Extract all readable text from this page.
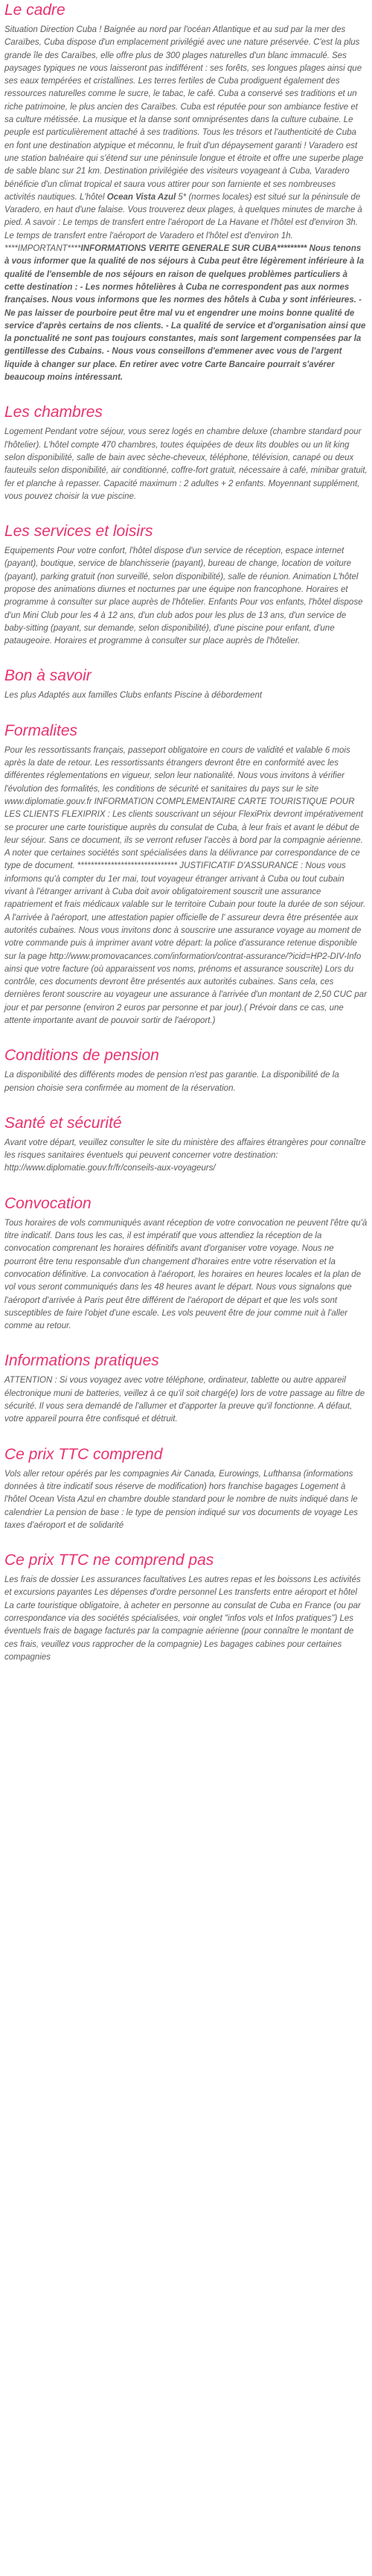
Le cadre
Situation Direction Cuba ! Baignée au nord par l'océan Atlantique et au sud par la mer des Caraïbes, Cuba dispose d'un emplacement privilégié avec une nature préservée. C'est la plus grande île des Caraïbes, elle offre plus de 300 plages naturelles d'un blanc immaculé. Ses paysages typiques ne vous laisseront pas indifférent : ses forêts, ses longues plages ainsi que ses eaux tempérées et cristallines. Les terres fertiles de Cuba prodiguent également des ressources naturelles comme le sucre, le tabac, le café. Cuba a conservé ses traditions et un riche patrimoine, le plus ancien des Caraïbes. Cuba est réputée pour son ambiance festive et sa culture métissée. La musique et la danse sont omniprésentes dans la culture cubaine. Le peuple est particulièrement attaché à ses traditions. Tous les trésors et l'authenticité de Cuba en font une destination atypique et méconnu, le fruit d'un dépaysement garanti ! Varadero est une station balnéaire qui s'étend sur une péninsule longue et étroite et offre une superbe plage de sable blanc sur 21 km. Destination privilégiée des visiteurs voyageant à Cuba, Varadero bénéficie d'un climat tropical et saura vous attirer pour son farniente et ses nombreuses activités nautiques. L'hôtel Ocean Vista Azul 5* (normes locales) est situé sur la péninsule de Varadero, en haut d'une falaise. Vous trouverez deux plages, à quelques minutes de marche à pied. A savoir : Le temps de transfert entre l'aéroport de La Havane et l'hôtel est d'environ 3h. Le temps de transfert entre l'aéroport de Varadero et l'hôtel est d'environ 1h. ****IMPORTANT****INFORMATIONS VERITE GENERALE SUR CUBA********* Nous tenons à vous informer que la qualité de nos séjours à Cuba peut être légèrement inférieure à la qualité de l'ensemble de nos séjours en raison de quelques problèmes particuliers à cette destination : - Les normes hôtelières à Cuba ne correspondent pas aux normes françaises. Nous vous informons que les normes des hôtels à Cuba y sont inférieures. - Ne pas laisser de pourboire peut être mal vu et engendrer une moins bonne qualité de service d'après certains de nos clients. - La qualité de service et d'organisation ainsi que la ponctualité ne sont pas toujours constantes, mais sont largement compensées par la gentillesse des Cubains. - Nous vous conseillons d'emmener avec vous de l'argent liquide à changer sur place. En retirer avec votre Carte Bancaire pourrait s'avérer beaucoup moins intéressant.
Les chambres
Logement Pendant votre séjour, vous serez logés en chambre deluxe (chambre standard pour l'hôtelier). L'hôtel compte 470 chambres, toutes équipées de deux lits doubles ou un lit king selon disponibilité, salle de bain avec sèche-cheveux, téléphone, télévision, canapé ou deux fauteuils selon disponibilité, air conditionné, coffre-fort gratuit, nécessaire à café, minibar gratuit, fer et planche à repasser. Capacité maximum : 2 adultes + 2 enfants. Moyennant supplément, vous pouvez choisir la vue piscine.
Les services et loisirs
Equipements Pour votre confort, l'hôtel dispose d'un service de réception, espace internet (payant), boutique, service de blanchisserie (payant), bureau de change, location de voiture (payant), parking gratuit (non surveillé, selon disponibilité), salle de réunion. Animation L'hôtel propose des animations diurnes et nocturnes par une équipe non francophone. Horaires et programme à consulter sur place auprès de l'hôtelier. Enfants Pour vos enfants, l'hôtel dispose d'un Mini Club pour les 4 à 12 ans, d'un club ados pour les plus de 13 ans, d'un service de baby-sitting (payant, sur demande, selon disponibilité), d'une piscine pour enfant, d'une pataugeoire. Horaires et programme à consulter sur place auprès de l'hôtelier.
Bon à savoir
Les plus Adaptés aux familles Clubs enfants Piscine à débordement
Formalites
Pour les ressortissants français, passeport obligatoire en cours de validité et valable 6 mois après la date de retour. Les ressortissants étrangers devront être en conformité avec les différentes réglementations en vigueur, selon leur nationalité. Nous vous invitons à vérifier l'évolution des formalités, les conditions de sécurité et sanitaires du pays sur le site www.diplomatie.gouv.fr INFORMATION COMPLEMENTAIRE CARTE TOURISTIQUE POUR LES CLIENTS FLEXIPRIX : Les clients souscrivant un séjour FlexiPrix devront impérativement se procurer une carte touristique auprès du consulat de Cuba, à leur frais et avant le début de leur séjour. Sans ce document, ils se verront refuser l'accès à bord par la compagnie aérienne. A noter que certaines sociétés sont spécialisées dans la délivrance par correspondance de ce type de document. ****************************** JUSTIFICATIF D'ASSURANCE : Nous vous informons qu'à compter du 1er mai, tout voyageur étranger arrivant à Cuba ou tout cubain vivant à l'étranger arrivant à Cuba doit avoir obligatoirement souscrit une assurance rapatriement et frais médicaux valable sur le territoire Cubain pour toute la durée de son séjour. A l'arrivée à l'aéroport, une attestation papier officielle de l' assureur devra être présentée aux autorités cubaines. Nous vous invitons donc à souscrire une assurance voyage au moment de votre commande puis à imprimer avant votre départ: la police d'assurance retenue disponible sur la page http://www.promovacances.com/information/contrat-assurance/?icid=HP2-DIV-Info ainsi que votre facture (où apparaissent vos noms, prénoms et assurance souscrite) Lors du contrôle, ces documents devront être présentés aux autorités cubaines. Sans cela, ces dernières feront souscrire au voyageur une assurance à l'arrivée d'un montant de 2,50 CUC par jour et par personne (environ 2 euros par personne et par jour).( Prévoir dans ce cas, une attente importante avant de pouvoir sortir de l'aéroport.)
Conditions de pension
La disponibilité des différents modes de pension n'est pas garantie. La disponibilité de la pension choisie sera confirmée au moment de la réservation.
Santé et sécurité
Avant votre départ, veuillez consulter le site du ministère des affaires étrangères pour connaître les risques sanitaires éventuels qui peuvent concerner votre destination: http://www.diplomatie.gouv.fr/fr/conseils-aux-voyageurs/
Convocation
Tous horaires de vols communiqués avant réception de votre convocation ne peuvent l'être qu'à titre indicatif. Dans tous les cas, il est impératif que vous attendiez la réception de la convocation comprenant les horaires définitifs avant d'organiser votre voyage. Nous ne pourront être tenu responsable d'un changement d'horaires entre votre réservation et la convocation définitive. La convocation à l'aéroport, les horaires en heures locales et la plan de vol vous seront communiqués dans les 48 heures avant le départ. Nous vous signalons que l'aéroport d'arrivée à Paris peut être différent de l'aéroport de départ et que les vols sont susceptibles de faire l'objet d'une escale. Les vols peuvent être de jour comme nuit à l'aller comme au retour.
Informations pratiques
ATTENTION : Si vous voyagez avec votre téléphone, ordinateur, tablette ou autre appareil électronique muni de batteries, veillez à ce qu'il soit chargé(e) lors de votre passage au filtre de sécurité. Il vous sera demandé de l'allumer et d'apporter la preuve qu'il fonctionne. A défaut, votre appareil pourra être confisqué et détruit.
Ce prix TTC comprend
Vols aller retour opérés par les compagnies Air Canada, Eurowings, Lufthansa (informations données à titre indicatif sous réserve de modification) hors franchise bagages Logement à l'hôtel Ocean Vista Azul en chambre double standard pour le nombre de nuits indiqué dans le calendrier La pension de base : le type de pension indiqué sur vos documents de voyage Les taxes d'aéroport et de solidarité
Ce prix TTC ne comprend pas
Les frais de dossier Les assurances facultatives Les autres repas et les boissons Les activités et excursions payantes Les dépenses d'ordre personnel Les transferts entre aéroport et hôtel La carte touristique obligatoire, à acheter en personne au consulat de Cuba en France (ou par correspondance via des sociétés spécialisées, voir onglet "infos vols et Infos pratiques") Les éventuels frais de bagage facturés par la compagnie aérienne (pour connaître le montant de ces frais, veuillez vous rapprocher de la compagnie) Les bagages cabines pour certaines compagnies
